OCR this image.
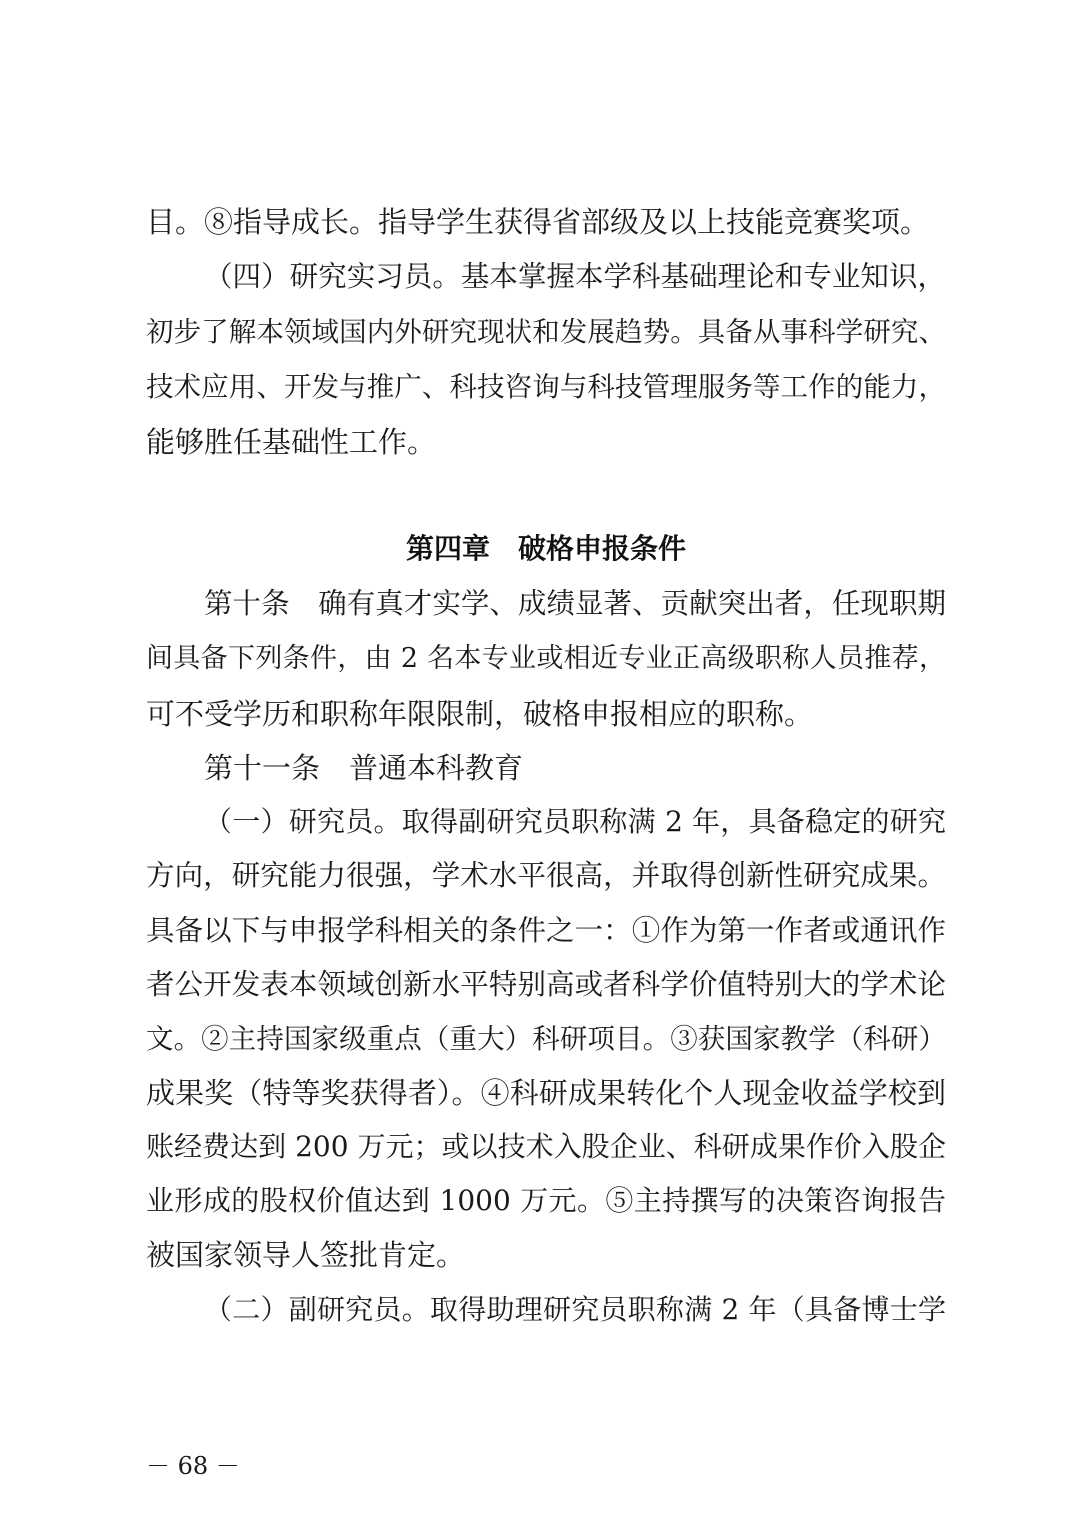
目。⑧指导成长。指导学生获得省部级及以上技能竞赛奖项。
（四）研究实习员。基本掌握本学科基础理论和专业知识，
初步了解本领域国内外研究现状和发展趋势。具备从事科学研究、
技术应用、开发与推广、科技咨询与科技管理服务等工作的能力，
能够胜任基础性工作。
第四章　破格申报条件
第十条　确有真才实学、成绩显著、贡献突出者，任现职期
间具备下列条件，由 2 名本专业或相近专业正高级职称人员推荐，
可不受学历和职称年限限制，破格申报相应的职称。
第十一条　普通本科教育
（一）研究员。取得副研究员职称满 2 年，具备稳定的研究
方向，研究能力很强，学术水平很高，并取得创新性研究成果。
具备以下与申报学科相关的条件之一：①作为第一作者或通讯作
者公开发表本领域创新水平特别高或者科学价值特别大的学术论
文。②主持国家级重点（重大）科研项目。③获国家教学（科研）
成果奖（特等奖获得者）。④科研成果转化个人现金收益学校到
账经费达到 200 万元；或以技术入股企业、科研成果作价入股企
业形成的股权价值达到 1000 万元。⑤主持撰写的决策咨询报告
被国家领导人签批肯定。
（二）副研究员。取得助理研究员职称满 2 年（具备博士学
－ 68 －
